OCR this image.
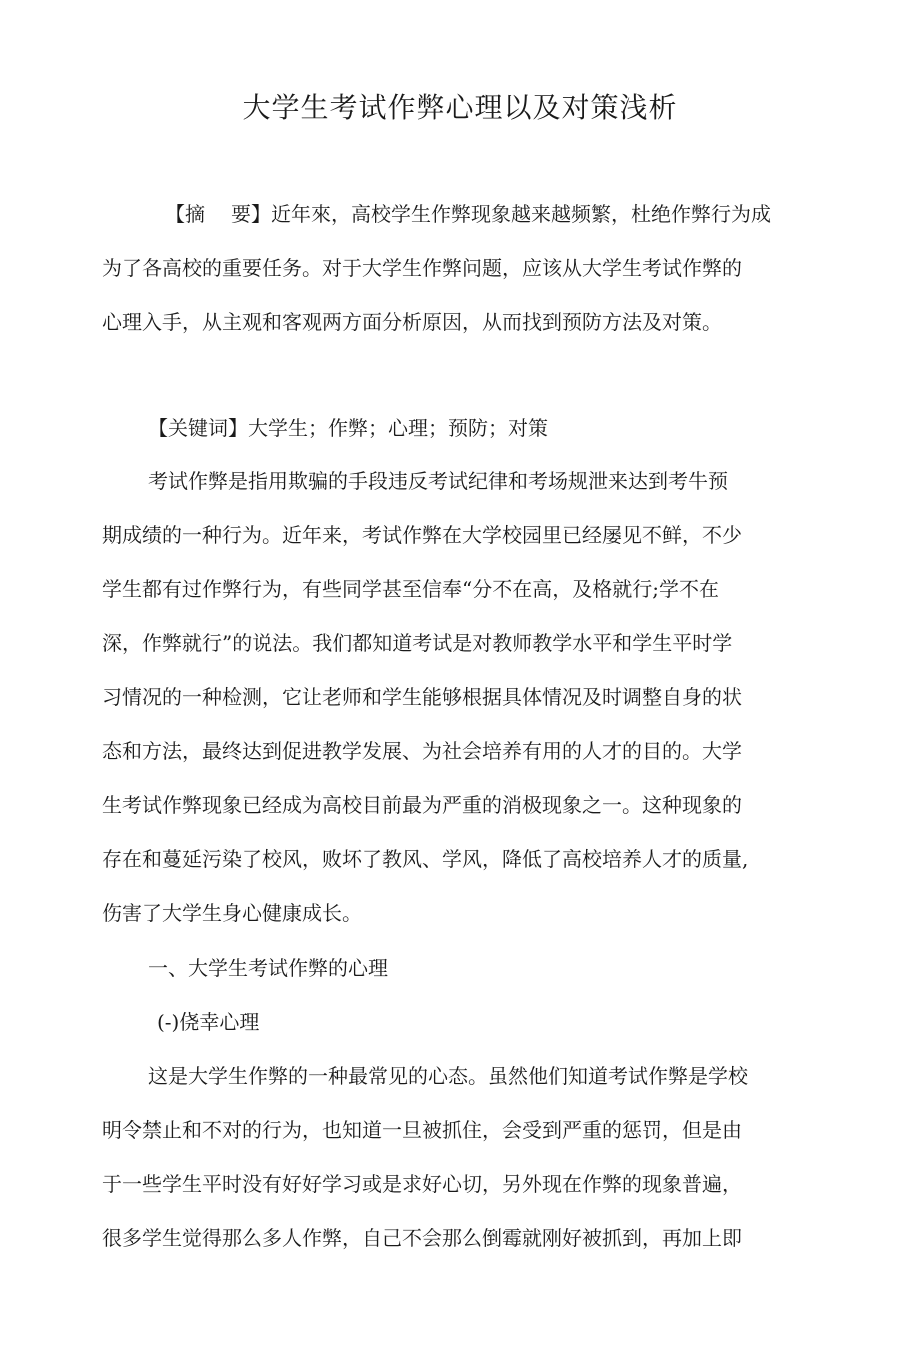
大学生考试作弊心理以及对策浅析
【摘 要】近年來，高校学生作弊现象越来越频繁，杜绝作弊行为成
为了各高校的重要任务。对于大学生作弊问题，应该从大学生考试作弊的
心理入手，从主观和客观两方面分析原因，从而找到预防方法及对策。
【关键词】大学生；作弊；心理；预防；对策
考试作弊是指用欺骗的手段违反考试纪律和考场规泄来达到考牛预
期成绩的一种行为。近年来，考试作弊在大学校园里已经屡见不鲜，不少
学生都有过作弊行为，有些同学甚至信奉“分不在高，及格就行;学不在
深，作弊就行”的说法。我们都知道考试是对教师教学水平和学生平时学
习情况的一种检测，它让老师和学生能够根据具体情况及时调整自身的状
态和方法，最终达到促进教学发展、为社会培养有用的人才的目的。大学
生考试作弊现象已经成为高校目前最为严重的消极现象之一。这种现象的
存在和蔓延污染了校风，败坏了教风、学风，降低了高校培养人才的质量,
伤害了大学生身心健康成长。
一、大学生考试作弊的心理
(-)侥幸心理
这是大学生作弊的一种最常见的心态。虽然他们知道考试作弊是学校
明令禁止和不对的行为，也知道一旦被抓住，会受到严重的惩罚，但是由
于一些学生平时没有好好学习或是求好心切，另外现在作弊的现象普遍，
很多学生觉得那么多人作弊，自己不会那么倒霉就刚好被抓到，再加上即
